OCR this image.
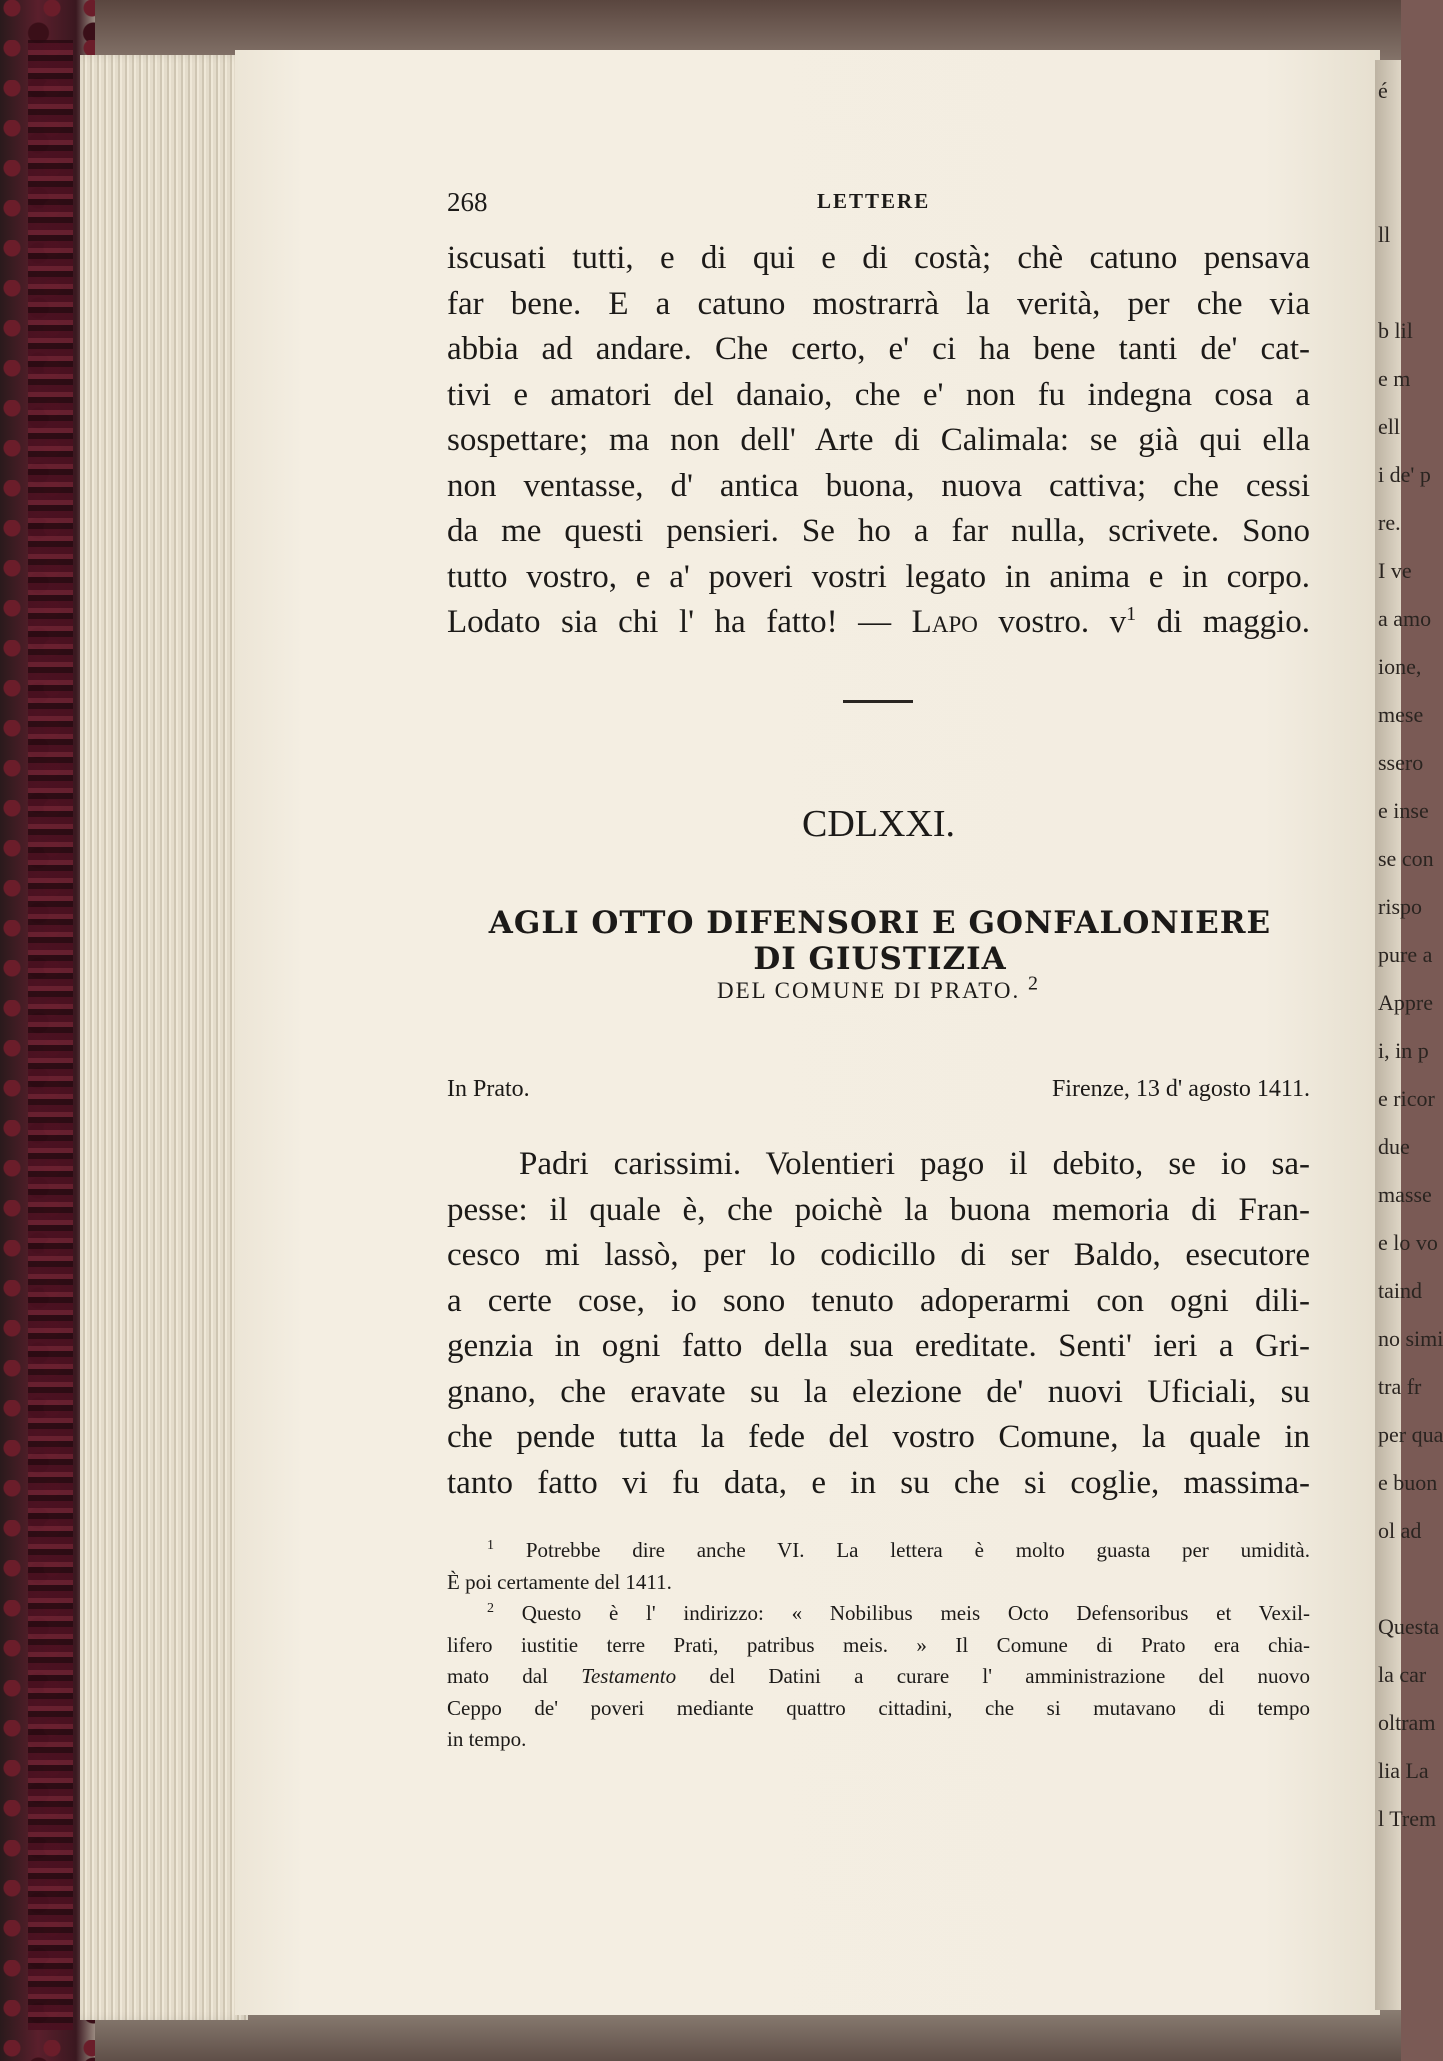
é
ll
b lil
e m
ell
i de' p
re.
I ve
a amo
ione,
mese
ssero
e inse
se con
rispo
pure a
Appre
i, in p
e ricor
due
masse
e lo vo
taind
no simi
tra fr
per qua
e buon
ol ad
Questa
la car
oltram
lia La
l Trem
268	LETTERE
iscusati tutti, e di qui e di costà; chè catuno pensava
far bene. E a catuno mostrarrà la verità, per che via
abbia ad andare. Che certo, e' ci ha bene tanti de' cat-
tivi e amatori del danaio, che e' non fu indegna cosa a
sospettare; ma non dell' Arte di Calimala: se già qui ella
non ventasse, d' antica buona, nuova cattiva; che cessi
da me questi pensieri. Se ho a far nulla, scrivete. Sono
tutto vostro, e a' poveri vostri legato in anima e in corpo.
Lodato sia chi l' ha fatto! — Lapo vostro. $v^1$ di maggio.
CDLXXI.
AGLI OTTO DIFENSORI E GONFALONIERE DI GIUSTIZIA
DEL COMUNE DI PRATO. $^2$
In Prato.	Firenze, 13 d' agosto 1411.
Padri carissimi. Volentieri pago il debito, se io sa-
pesse: il quale è, che poichè la buona memoria di Fran-
cesco mi lassò, per lo codicillo di ser Baldo, esecutore
a certe cose, io sono tenuto adoperarmi con ogni dili-
genzia in ogni fatto della sua ereditate. Senti' ieri a Gri-
gnano, che eravate su la elezione de' nuovi Uficiali, su
che pende tutta la fede del vostro Comune, la quale in
tanto fatto vi fu data, e in su che si coglie, massima-
$^1$ Potrebbe dire anche VI. La lettera è molto guasta per umidità.
È poi certamente del 1411.
$^2$ Questo è l' indirizzo: « Nobilibus meis Octo Defensoribus et Vexil-
lifero iustitie terre Prati, patribus meis. » Il Comune di Prato era chia-
mato dal Testamento del Datini a curare l' amministrazione del nuovo
Ceppo de' poveri mediante quattro cittadini, che si mutavano di tempo
in tempo.
